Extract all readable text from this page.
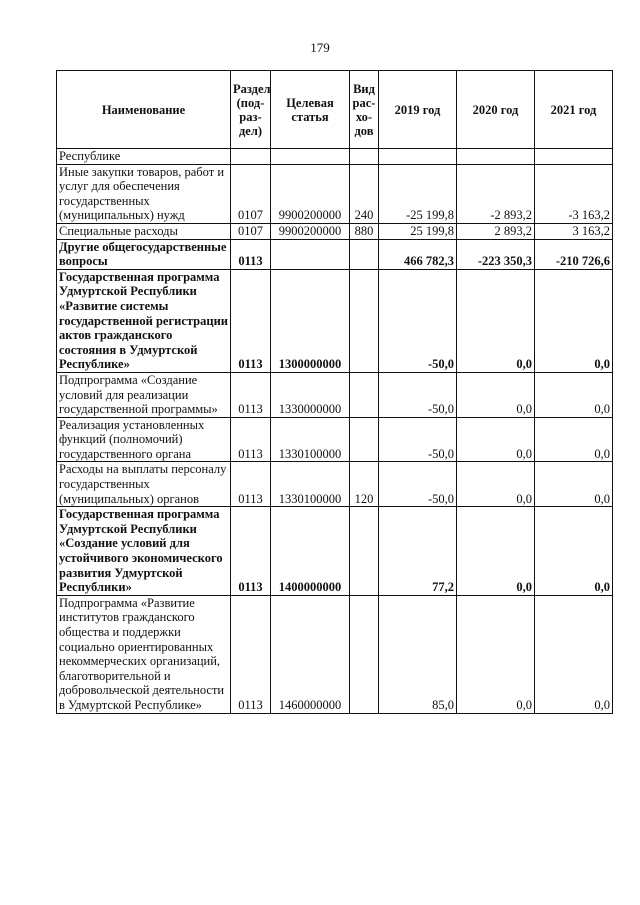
179
Наименование	Раздел (под-раз-дел)	Целевая статья	Вид рас-хо-дов	2019 год	2020 год	2021 год
Республике						
Иные закупки товаров, работ и услуг для обеспечения государственных (муниципальных) нужд	0107	9900200000	240	-25 199,8	-2 893,2	-3 163,2
Специальные расходы	0107	9900200000	880	25 199,8	2 893,2	3 163,2
Другие общегосударственные вопросы	0113			466 782,3	-223 350,3	-210 726,6
Государственная программа Удмуртской Республики «Развитие системы государственной регистрации актов гражданского состояния в Удмуртской Республике»	0113	1300000000		-50,0	0,0	0,0
Подпрограмма «Создание условий для реализации государственной программы»	0113	1330000000		-50,0	0,0	0,0
Реализация установленных функций (полномочий) государственного органа	0113	1330100000		-50,0	0,0	0,0
Расходы на выплаты персоналу государственных (муниципальных) органов	0113	1330100000	120	-50,0	0,0	0,0
Государственная программа Удмуртской Республики «Создание условий для устойчивого экономического развития Удмуртской Республики»	0113	1400000000		77,2	0,0	0,0
Подпрограмма «Развитие институтов гражданского общества и поддержки социально ориентированных некоммерческих организаций, благотворительной и добровольческой деятельности в Удмуртской Республике»	0113	1460000000		85,0	0,0	0,0
